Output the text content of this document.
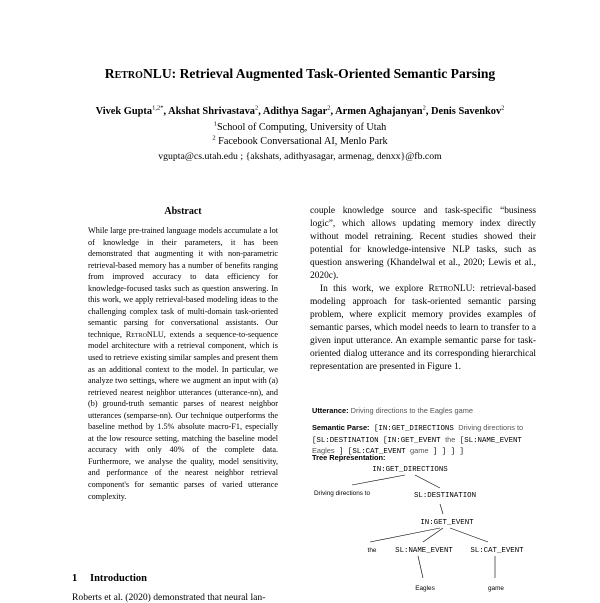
RetroNLU: Retrieval Augmented Task-Oriented Semantic Parsing
Vivek Gupta$^{1,2*}$, Akshat Shrivastava$^2$, Adithya Sagar$^2$, Armen Aghajanyan$^2$, Denis Savenkov$^2$
$^1$School of Computing, University of Utah
$^2$ Facebook Conversational AI, Menlo Park
vgupta@cs.utah.edu ; {akshats, adithyasagar, armenag, denxx}@fb.com
Abstract
While large pre-trained language models accumulate a lot of knowledge in their parameters, it has been demonstrated that augmenting it with non-parametric retrieval-based memory has a number of benefits ranging from improved accuracy to data efficiency for knowledge-focused tasks such as question answering. In this work, we apply retrieval-based modeling ideas to the challenging complex task of multi-domain task-oriented semantic parsing for conversational assistants. Our technique, RetroNLU, extends a sequence-to-sequence model architecture with a retrieval component, which is used to retrieve existing similar samples and present them as an additional context to the model. In particular, we analyze two settings, where we augment an input with (a) retrieved nearest neighbor utterances (utterance-nn), and (b) ground-truth semantic parses of nearest neighbor utterances (semparse-nn). Our technique outperforms the baseline method by 1.5% absolute macro-F1, especially at the low resource setting, matching the baseline model accuracy with only 40% of the complete data. Furthermore, we analyse the quality, model sensitivity, and performance of the nearest neighbor retrieval component's for semantic parses of varied utterance complexity.
1 Introduction
Roberts et al. (2020) demonstrated that neural lan-

couple knowledge source and task-specific “business logic”, which allows updating memory index directly without model retraining. Recent studies showed their potential for knowledge-intensive NLP tasks, such as question answering (Khandelwal et al., 2020; Lewis et al., 2020c).

In this work, we explore RetroNLU: retrieval-based modeling approach for task-oriented semantic parsing problem, where explicit memory provides examples of semantic parses, which model needs to learn to transfer to a given input utterance. An example semantic parse for task-oriented dialog utterance and its corresponding hierarchical representation are presented in Figure 1.

Utterance: Driving directions to the Eagles game
Semantic Parse: [IN:GET_DIRECTIONS Driving directions to
[SL:DESTINATION [IN:GET_EVENT the [SL:NAME_EVENT
Eagles ] [SL:CAT_EVENT game ] ] ] ]
Tree Representation:
IN:GET_DIRECTIONS
Driving directions to	SL:DESTINATION
IN:GET_EVENT
the	SL:NAME_EVENT SL:CAT_EVENT
Eagles	game
